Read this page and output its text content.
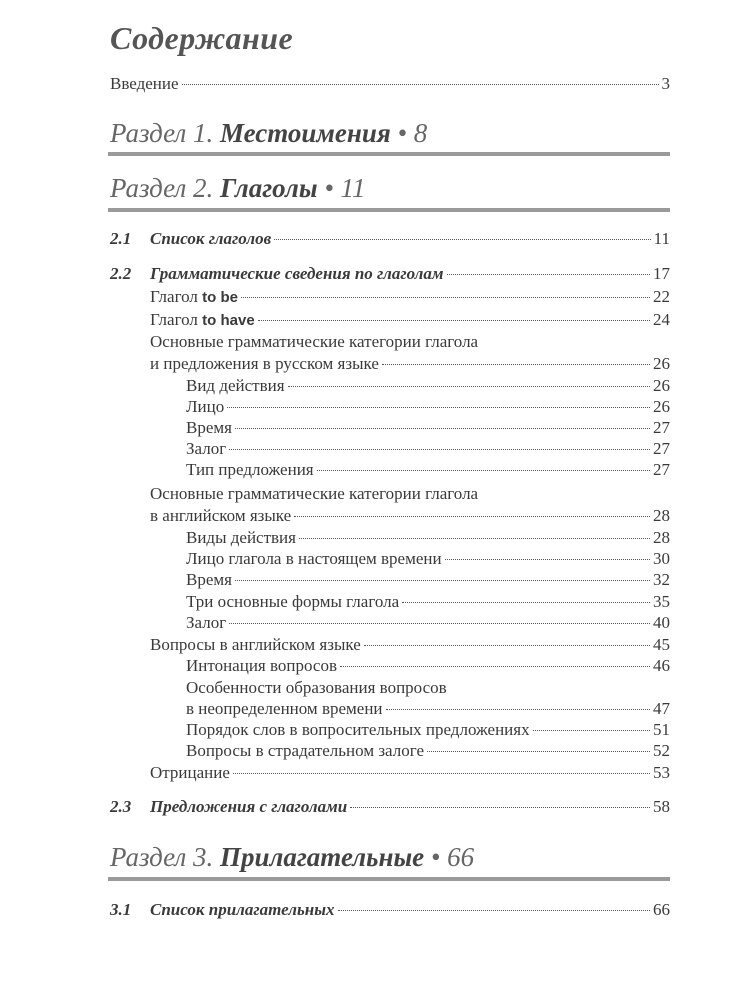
Содержание
Введение	3
Раздел 1. Местоимения • 8
Раздел 2. Глаголы • 11
2.1 Список глаголов	11
2.2 Грамматические сведения по глаголам	17
Глагол to be	22
Глагол to have	24
Основные грамматические категории глагола
и предложения в русском языке	26
Вид действия	26
Лицо	26
Время	27
Залог	27
Тип предложения	27
Основные грамматические категории глагола
в английском языке	28
Виды действия	28
Лицо глагола в настоящем времени	30
Время	32
Три основные формы глагола	35
Залог	40
Вопросы в английском языке	45
Интонация вопросов	46
Особенности образования вопросов
в неопределенном времени	47
Порядок слов в вопросительных предложениях	51
Вопросы в страдательном залоге	52
Отрицание	53
2.3 Предложения с глаголами	58
Раздел 3. Прилагательные • 66
3.1 Список прилагательных	66
